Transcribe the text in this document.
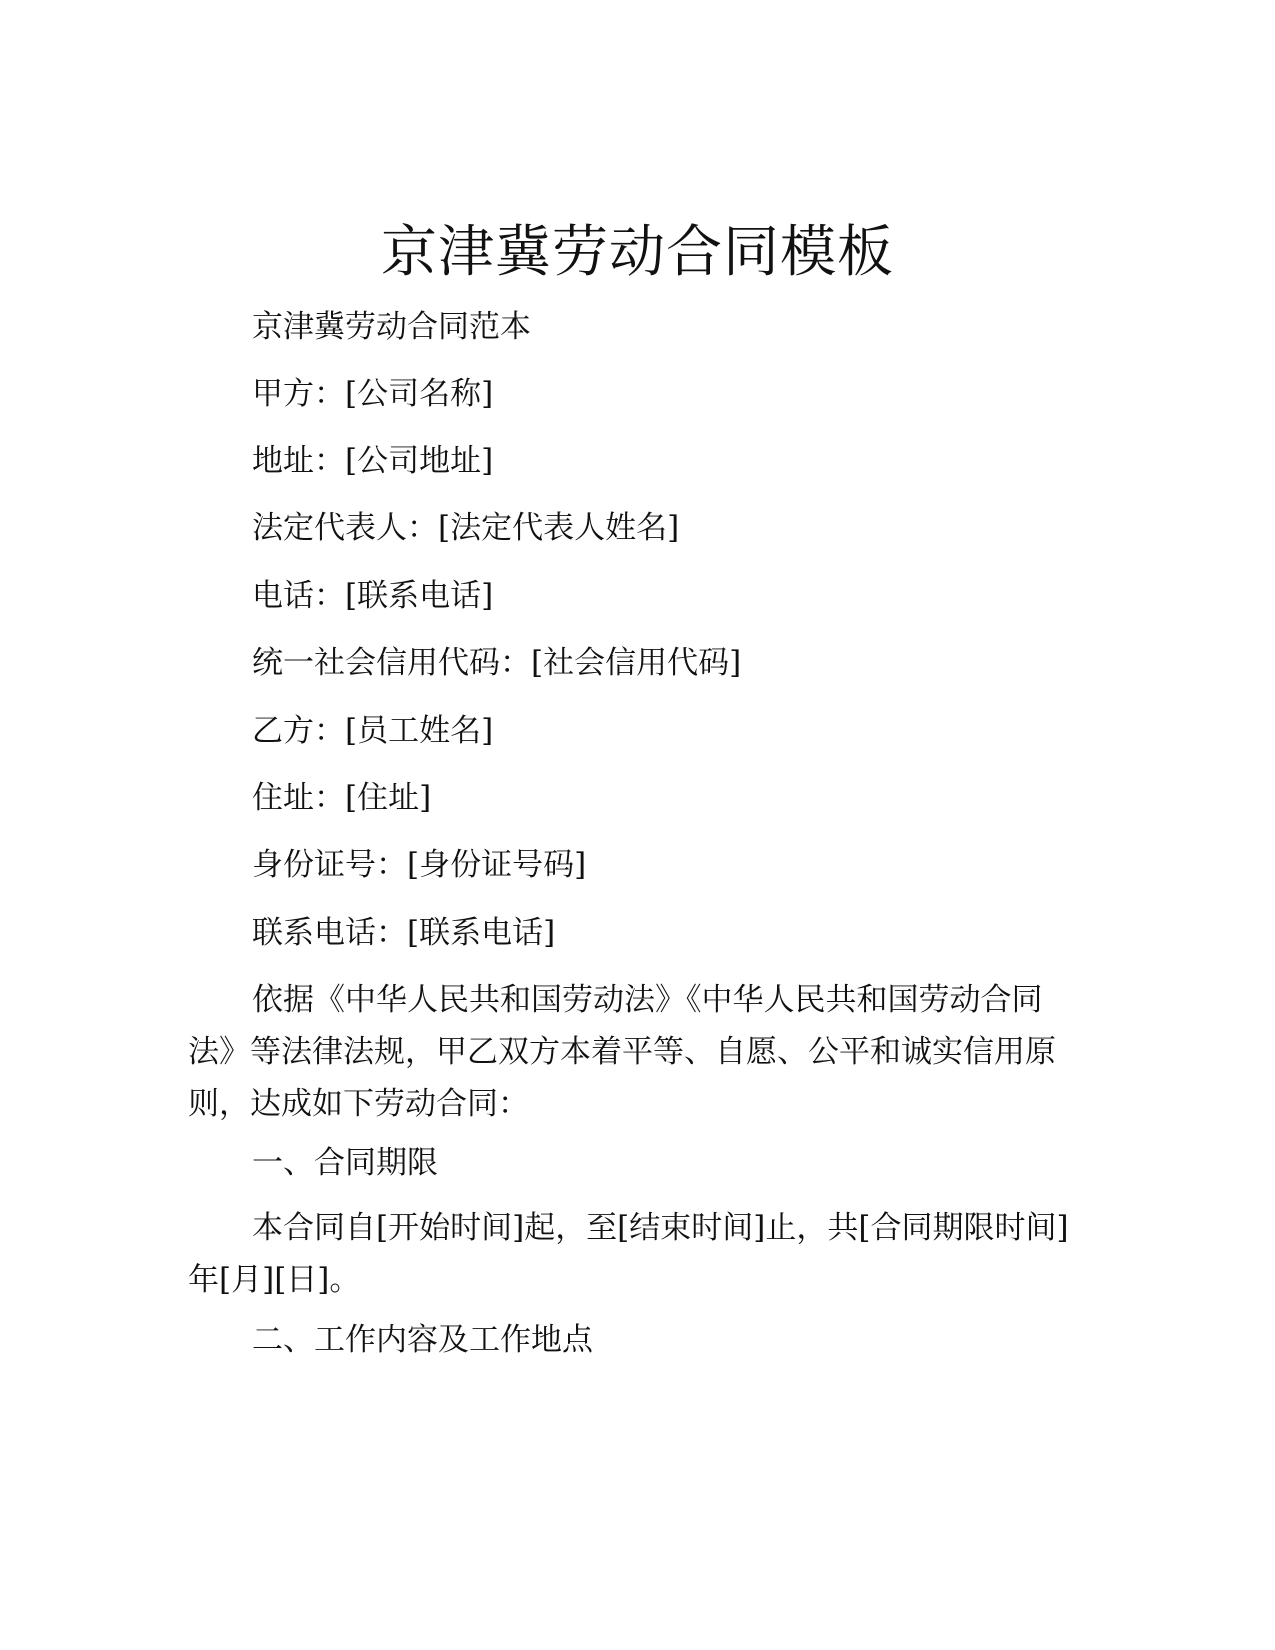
京津冀劳动合同模板

京津冀劳动合同范本

甲方：[公司名称]

地址：[公司地址]

法定代表人：[法定代表人姓名]

电话：[联系电话]

统一社会信用代码：[社会信用代码]

乙方：[员工姓名]

住址：[住址]

身份证号：[身份证号码]

联系电话：[联系电话]

依据《中华人民共和国劳动法》《中华人民共和国劳动合同法》等法律法规，甲乙双方本着平等、自愿、公平和诚实信用原则，达成如下劳动合同：

一、合同期限

本合同自[开始时间]起，至[结束时间]止，共[合同期限时间]年[月][日]。

二、工作内容及工作地点
